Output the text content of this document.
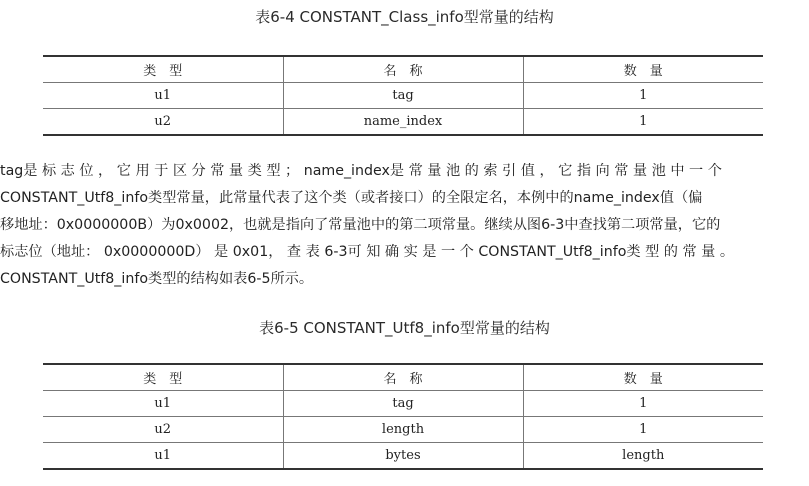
表6-4 CONSTANT_Class_info型常量的结构
类　型	名　称	数　量
u1	tag	1
u2	name_index	1
tag是 标 志 位 ， 它 用 于 区 分 常 量 类 型 ； name_index是 常 量 池 的 索 引 值 ， 它 指 向 常 量 池 中 一 个
CONSTANT_Utf8_info类型常量，此常量代表了这个类（或者接口）的全限定名，本例中的name_index值（偏
移地址：0x0000000B）为0x0002，也就是指向了常量池中的第二项常量。继续从图6-3中查找第二项常量，它的
标志位（地址： 0x0000000D） 是 0x01， 查 表 6-3可 知 确 实 是 一 个 CONSTANT_Utf8_info类 型 的 常 量 。
CONSTANT_Utf8_info类型的结构如表6-5所示。
表6-5 CONSTANT_Utf8_info型常量的结构
类　型	名　称	数　量
u1	tag	1
u2	length	1
u1	bytes	length
